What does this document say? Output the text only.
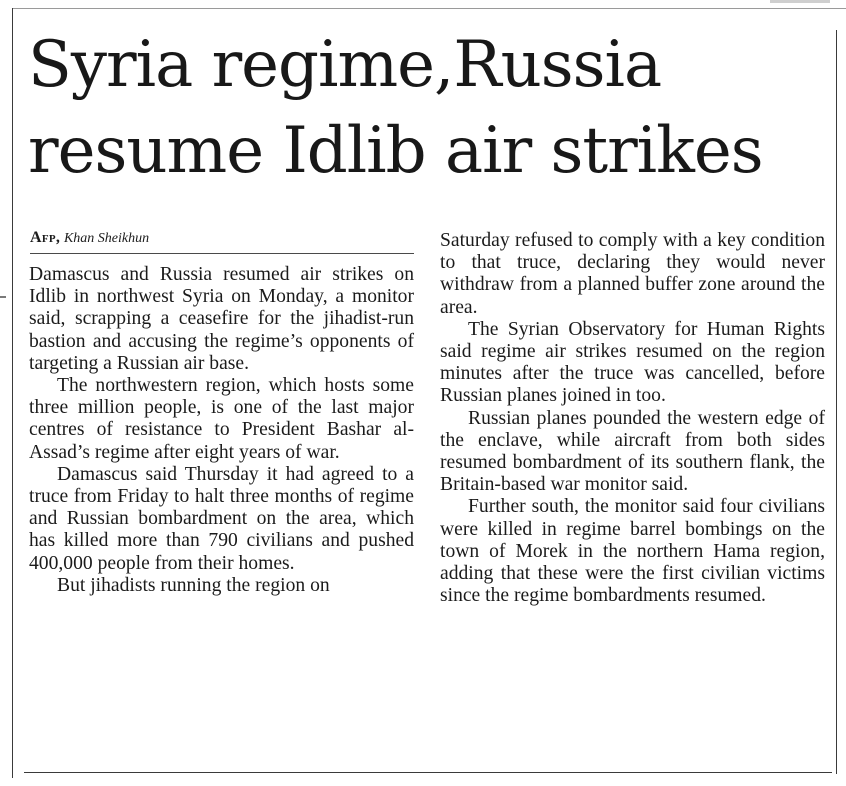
Syria regime,Russia
resume Idlib air strikes
Afp, Khan Sheikhun

Damascus and Russia resumed air strikes on Idlib in northwest Syria on Monday, a monitor said, scrapping a ceasefire for the jihadist-run bastion and accusing the regime’s opponents of targeting a Russian air base.

The northwestern region, which hosts some three million people, is one of the last major centres of resistance to President Bashar al-Assad’s regime after eight years of war.

Damascus said Thursday it had agreed to a truce from Friday to halt three months of regime and Russian bombardment on the area, which has killed more than 790 civilians and pushed 400,000 people from their homes.

But jihadists running the region on

Saturday refused to comply with a key condition to that truce, declaring they would never withdraw from a planned buffer zone around the area.

The Syrian Observatory for Human Rights said regime air strikes resumed on the region minutes after the truce was cancelled, before Russian planes joined in too.

Russian planes pounded the western edge of the enclave, while aircraft from both sides resumed bombardment of its southern flank, the Britain-based war monitor said.

Further south, the monitor said four civilians were killed in regime barrel bombings on the town of Morek in the northern Hama region, adding that these were the first civilian victims since the regime bombardments resumed.
